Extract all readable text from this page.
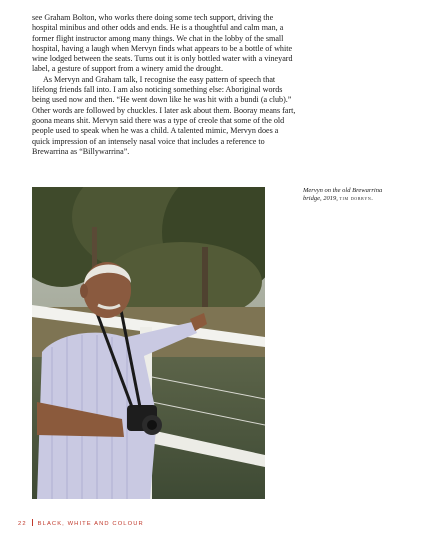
see Graham Bolton, who works there doing some tech support, driving the hospital minibus and other odds and ends. He is a thoughtful and calm man, a former flight instructor among many things. We chat in the lobby of the small hospital, having a laugh when Mervyn finds what appears to be a bottle of white wine lodged between the seats. Turns out it is only bottled water with a vineyard label, a gesture of support from a winery amid the drought.

As Mervyn and Graham talk, I recognise the easy pattern of speech that lifelong friends fall into. I am also noticing something else: Aboriginal words being used now and then. “He went down like he was hit with a bundi (a club).” Other words are followed by chuckles. I later ask about them. Booray means fart, goona means shit. Mervyn said there was a type of creole that some of the old people used to speak when he was a child. A talented mimic, Mervyn does a quick impression of an intensely nasal voice that includes a reference to Brewarrina as “Billywarrina”.

Mervyn on the old Brewarrina bridge, 2019, tim dobbyn.
22 BLACK, WHITE AND COLOUR
